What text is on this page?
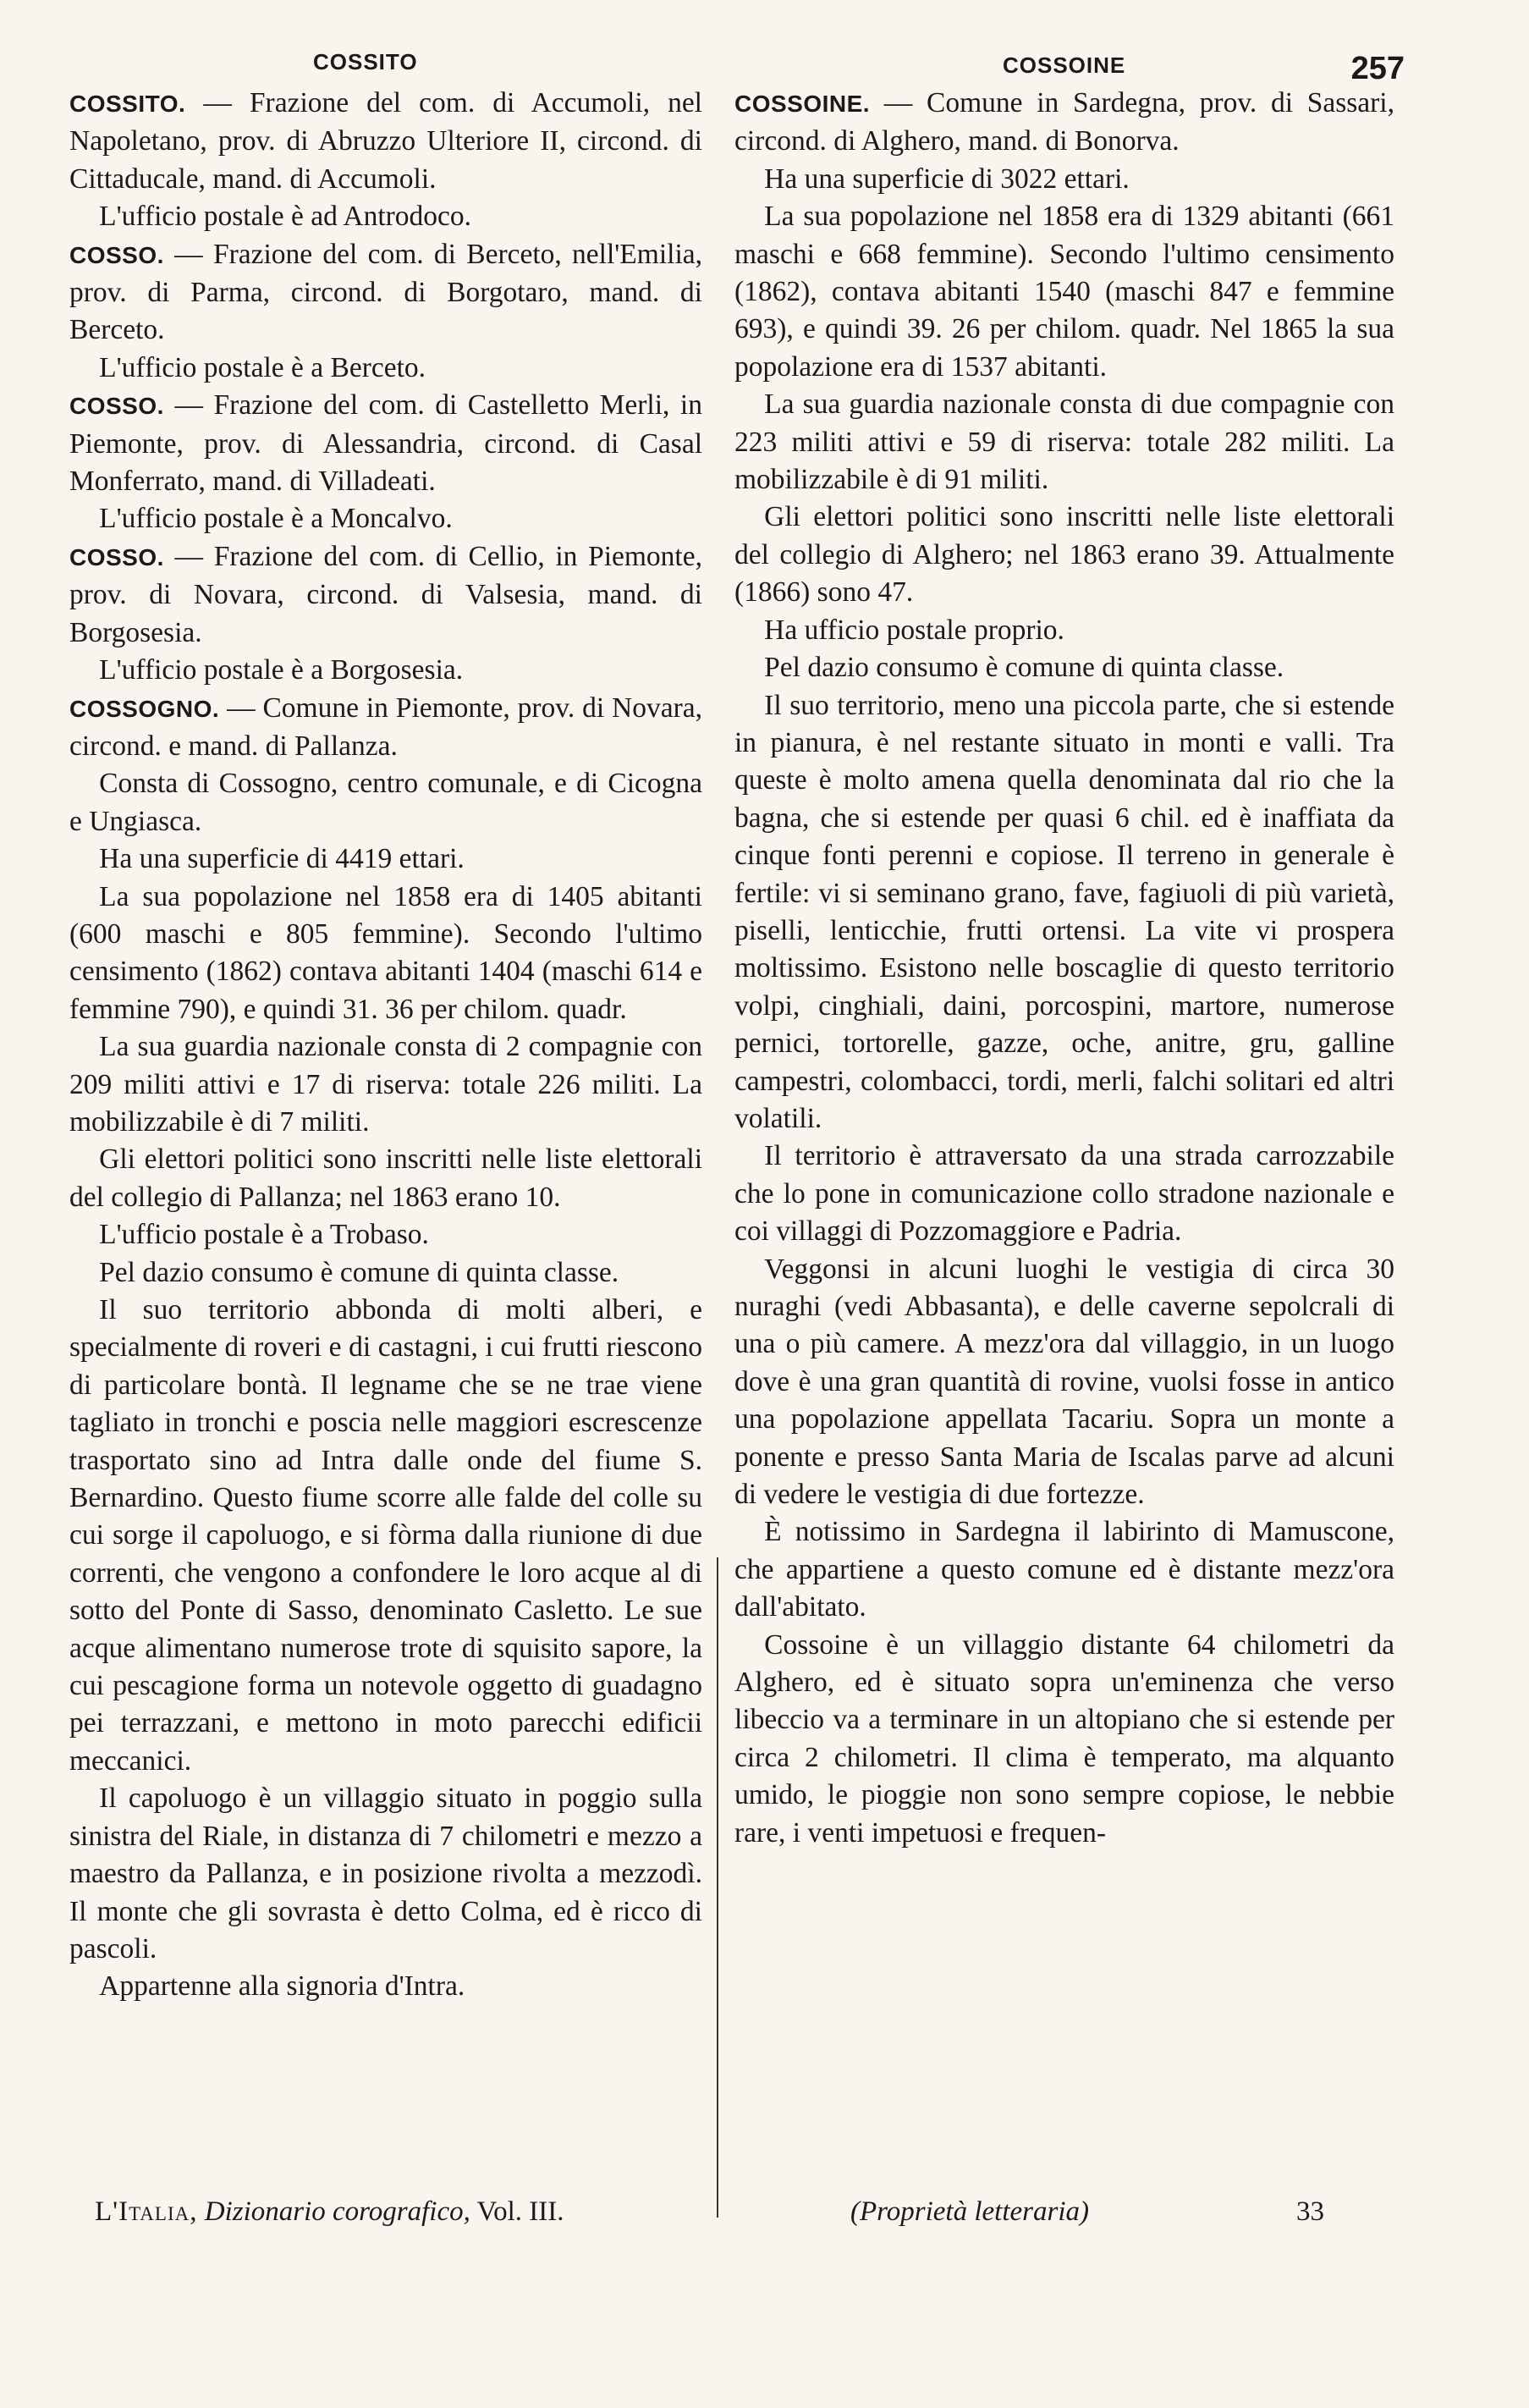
COSSITO	COSSOINE	257

COSSITO. — Frazione del com. di Accumoli, nel Napoletano, prov. di Abruzzo Ulteriore II, circond. di Cittaducale, mand. di Accumoli.

L'ufficio postale è ad Antrodoco.

COSSO. — Frazione del com. di Berceto, nell'Emilia, prov. di Parma, circond. di Borgotaro, mand. di Berceto.

L'ufficio postale è a Berceto.

COSSO. — Frazione del com. di Castelletto Merli, in Piemonte, prov. di Alessandria, circond. di Casal Monferrato, mand. di Villadeati.

L'ufficio postale è a Moncalvo.

COSSO. — Frazione del com. di Cellio, in Piemonte, prov. di Novara, circond. di Valsesia, mand. di Borgosesia.

L'ufficio postale è a Borgosesia.

COSSOGNO. — Comune in Piemonte, prov. di Novara, circond. e mand. di Pallanza.

Consta di Cossogno, centro comunale, e di Cicogna e Ungiasca.

Ha una superficie di 4419 ettari.

La sua popolazione nel 1858 era di 1405 abitanti (600 maschi e 805 femmine). Secondo l'ultimo censimento (1862) contava abitanti 1404 (maschi 614 e femmine 790), e quindi 31. 36 per chilom. quadr.

La sua guardia nazionale consta di 2 compagnie con 209 militi attivi e 17 di riserva: totale 226 militi. La mobilizzabile è di 7 militi.

Gli elettori politici sono inscritti nelle liste elettorali del collegio di Pallanza; nel 1863 erano 10.

L'ufficio postale è a Trobaso.

Pel dazio consumo è comune di quinta classe.

Il suo territorio abbonda di molti alberi, e specialmente di roveri e di castagni, i cui frutti riescono di particolare bontà. Il legname che se ne trae viene tagliato in tronchi e poscia nelle maggiori escrescenze trasportato sino ad Intra dalle onde del fiume S. Bernardino. Questo fiume scorre alle falde del colle su cui sorge il capoluogo, e si fòrma dalla riunione di due correnti, che vengono a confondere le loro acque al di sotto del Ponte di Sasso, denominato Casletto. Le sue acque alimentano numerose trote di squisito sapore, la cui pescagione forma un notevole oggetto di guadagno pei terrazzani, e mettono in moto parecchi edificii meccanici.

Il capoluogo è un villaggio situato in poggio sulla sinistra del Riale, in distanza di 7 chilometri e mezzo a maestro da Pallanza, e in posizione rivolta a mezzodì. Il monte che gli sovrasta è detto Colma, ed è ricco di pascoli.

Appartenne alla signoria d'Intra.

COSSOINE. — Comune in Sardegna, prov. di Sassari, circond. di Alghero, mand. di Bonorva.

Ha una superficie di 3022 ettari.

La sua popolazione nel 1858 era di 1329 abitanti (661 maschi e 668 femmine). Secondo l'ultimo censimento (1862), contava abitanti 1540 (maschi 847 e femmine 693), e quindi 39. 26 per chilom. quadr. Nel 1865 la sua popolazione era di 1537 abitanti.

La sua guardia nazionale consta di due compagnie con 223 militi attivi e 59 di riserva: totale 282 militi. La mobilizzabile è di 91 militi.

Gli elettori politici sono inscritti nelle liste elettorali del collegio di Alghero; nel 1863 erano 39. Attualmente (1866) sono 47.

Ha ufficio postale proprio.

Pel dazio consumo è comune di quinta classe.

Il suo territorio, meno una piccola parte, che si estende in pianura, è nel restante situato in monti e valli. Tra queste è molto amena quella denominata dal rio che la bagna, che si estende per quasi 6 chil. ed è inaffiata da cinque fonti perenni e copiose. Il terreno in generale è fertile: vi si seminano grano, fave, fagiuoli di più varietà, piselli, lenticchie, frutti ortensi. La vite vi prospera moltissimo. Esistono nelle boscaglie di questo territorio volpi, cinghiali, daini, porcospini, martore, numerose pernici, tortorelle, gazze, oche, anitre, gru, galline campestri, colombacci, tordi, merli, falchi solitari ed altri volatili.

Il territorio è attraversato da una strada carrozzabile che lo pone in comunicazione collo stradone nazionale e coi villaggi di Pozzomaggiore e Padria.

Veggonsi in alcuni luoghi le vestigia di circa 30 nuraghi (vedi Abbasanta), e delle caverne sepolcrali di una o più camere. A mezz'ora dal villaggio, in un luogo dove è una gran quantità di rovine, vuolsi fosse in antico una popolazione appellata Tacariu. Sopra un monte a ponente e presso Santa Maria de Iscalas parve ad alcuni di vedere le vestigia di due fortezze.

È notissimo in Sardegna il labirinto di Mamuscone, che appartiene a questo comune ed è distante mezz'ora dall'abitato.

Cossoine è un villaggio distante 64 chilometri da Alghero, ed è situato sopra un'eminenza che verso libeccio va a terminare in un altopiano che si estende per circa 2 chilometri. Il clima è temperato, ma alquanto umido, le pioggie non sono sempre copiose, le nebbie rare, i venti impetuosi e frequen-

L'Italia, Dizionario corografico, Vol. III.	(Proprietà letteraria)	33
